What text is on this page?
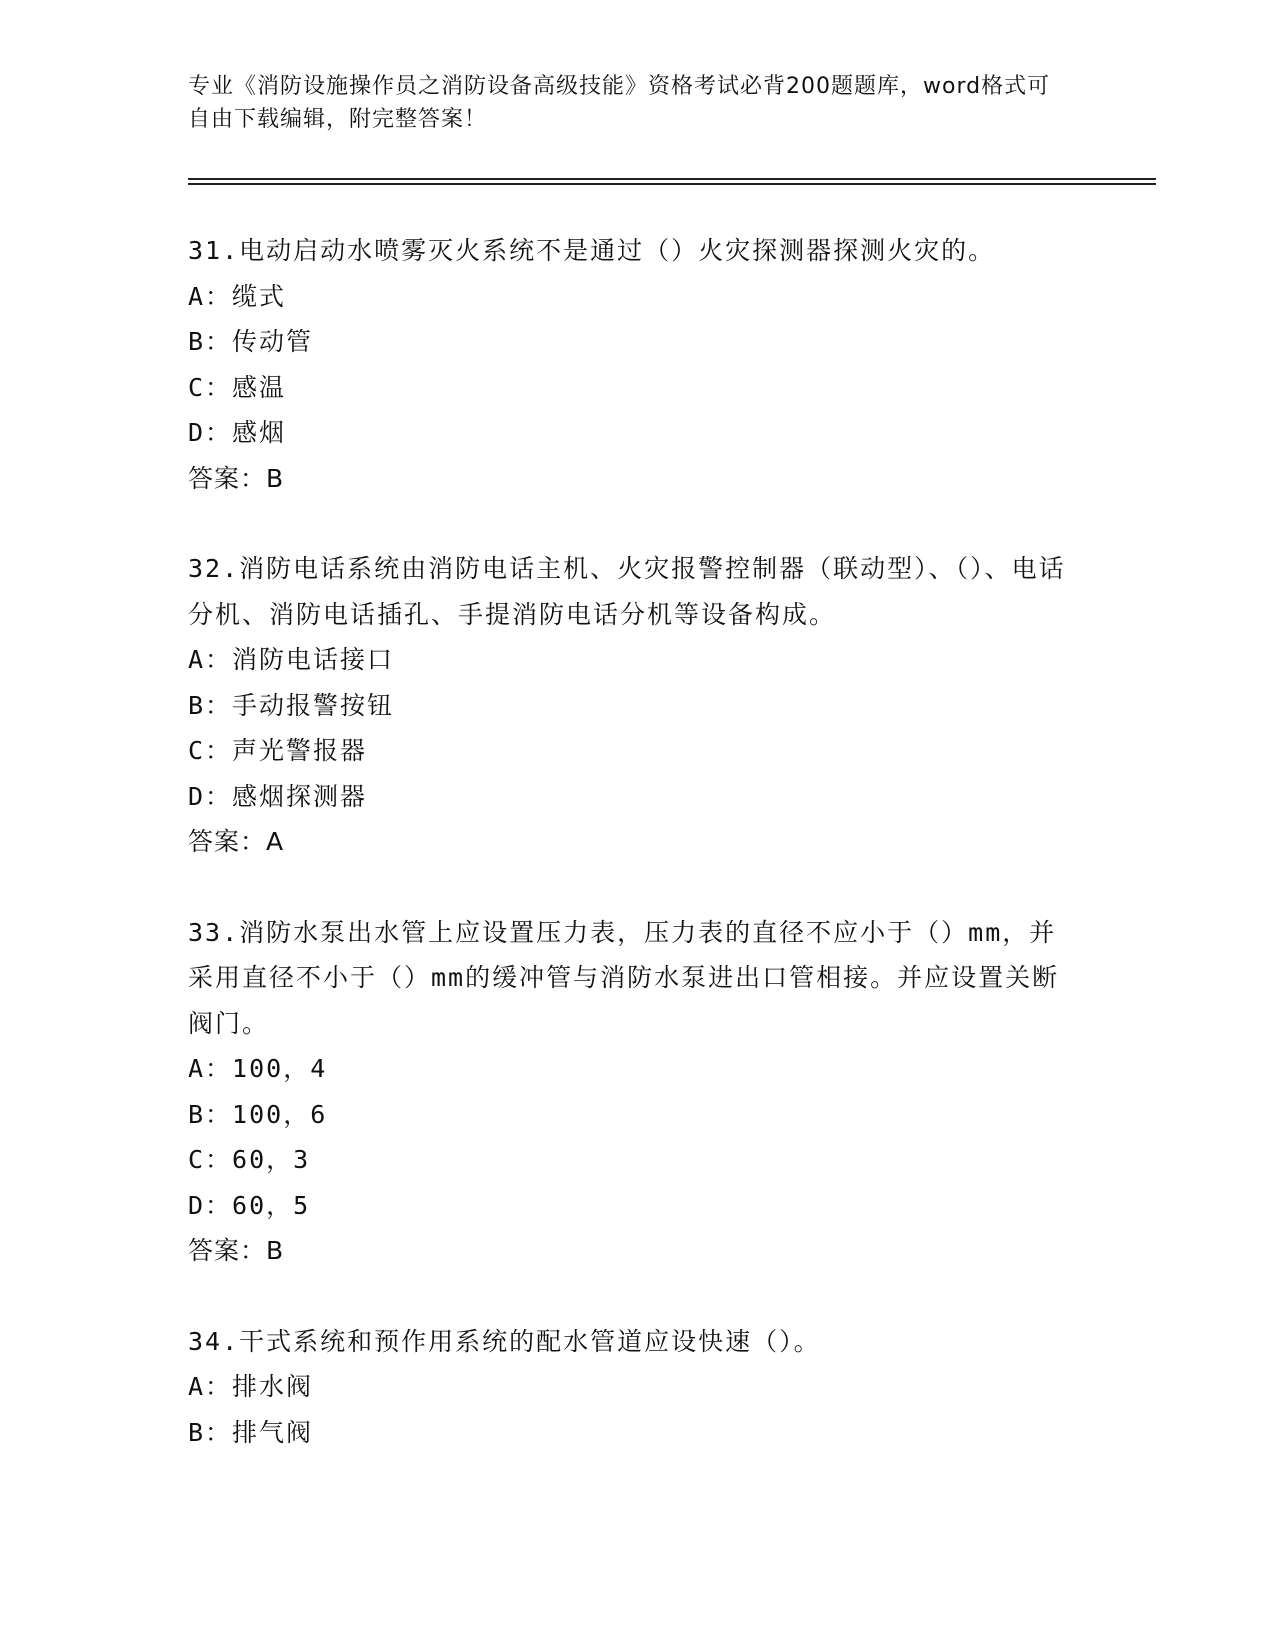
专业《消防设施操作员之消防设备高级技能》资格考试必背200题题库，word格式可自由下载编辑，附完整答案！
31.电动启动水喷雾灭火系统不是通过（）火灾探测器探测火灾的。
A：缆式
B：传动管
C：感温
D：感烟
答案：B
32.消防电话系统由消防电话主机、火灾报警控制器（联动型）、（）、电话分机、消防电话插孔、手提消防电话分机等设备构成。
A：消防电话接口
B：手动报警按钮
C：声光警报器
D：感烟探测器
答案：A
33.消防水泵出水管上应设置压力表，压力表的直径不应小于（）mm，并采用直径不小于（）mm的缓冲管与消防水泵进出口管相接。并应设置关断阀门。
A：100，4
B：100，6
C：60，3
D：60，5
答案：B
34.干式系统和预作用系统的配水管道应设快速（）。
A：排水阀
B：排气阀
